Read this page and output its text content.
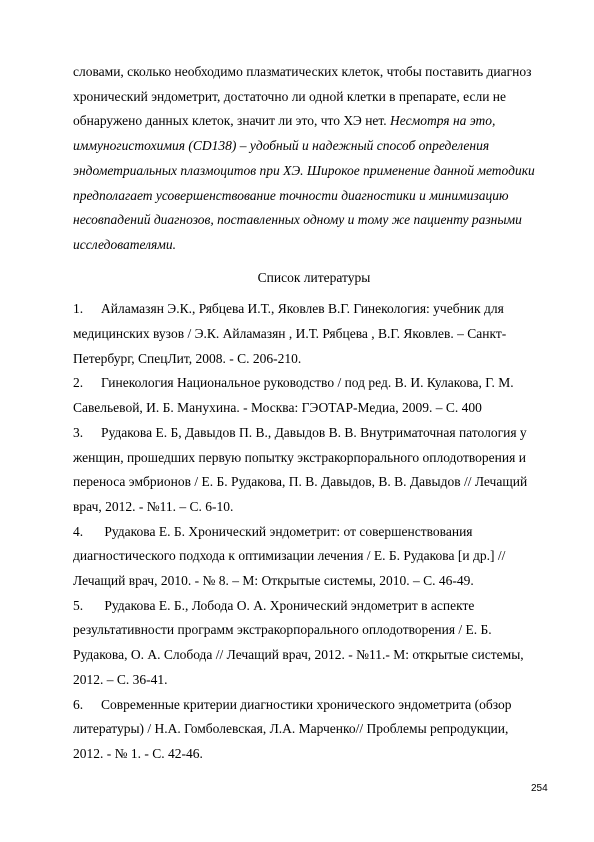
словами, сколько необходимо плазматических клеток, чтобы поставить диагноз
хронический эндометрит, достаточно ли одной клетки в препарате, если не
обнаружено данных клеток, значит ли это, что ХЭ нет. Несмотря на это,
иммуногистохимия (CD138) – удобный и надежный способ определения
эндометриальных плазмоцитов при ХЭ. Широкое применение данной методики
предполагает усовершенствование точности диагностики и минимизацию
несовпадений диагнозов, поставленных одному и тому же пациенту разными
исследователями.
Список литературы
1. Айламазян Э.К., Рябцева И.Т., Яковлев В.Г. Гинекология: учебник для
медицинских вузов / Э.К. Айламазян , И.Т. Рябцева , В.Г. Яковлев. – Санкт-
Петербург, СпецЛит, 2008. - С. 206-210.
2. Гинекология Национальное руководство / под ред. В. И. Кулакова, Г. М.
Савельевой, И. Б. Манухина. - Москва: ГЭОТАР-Медиа, 2009. – С. 400
3. Рудакова Е. Б, Давыдов П. В., Давыдов В. В. Внутриматочная патология у
женщин, прошедших первую попытку экстракорпорального оплодотворения и
переноса эмбрионов / Е. Б. Рудакова, П. В. Давыдов, В. В. Давыдов // Лечащий
врач, 2012. - №11. – С. 6-10.
4. Рудакова Е. Б. Хронический эндометрит: от совершенствования
диагностического подхода к оптимизации лечения / Е. Б. Рудакова [и др.] //
Лечащий врач, 2010. - № 8. – М: Открытые системы, 2010. – С. 46-49.
5. Рудакова Е. Б., Лобода О. А. Хронический эндометрит в аспекте
результативности программ экстракорпорального оплодотворения / Е. Б.
Рудакова, О. А. Слобода // Лечащий врач, 2012. - №11.- М: открытые системы,
2012. – С. 36-41.
6. Современные критерии диагностики хронического эндометрита (обзор
литературы) / Н.А. Гомболевская, Л.А. Марченко// Проблемы репродукции,
2012. - № 1. - С. 42-46.
254
